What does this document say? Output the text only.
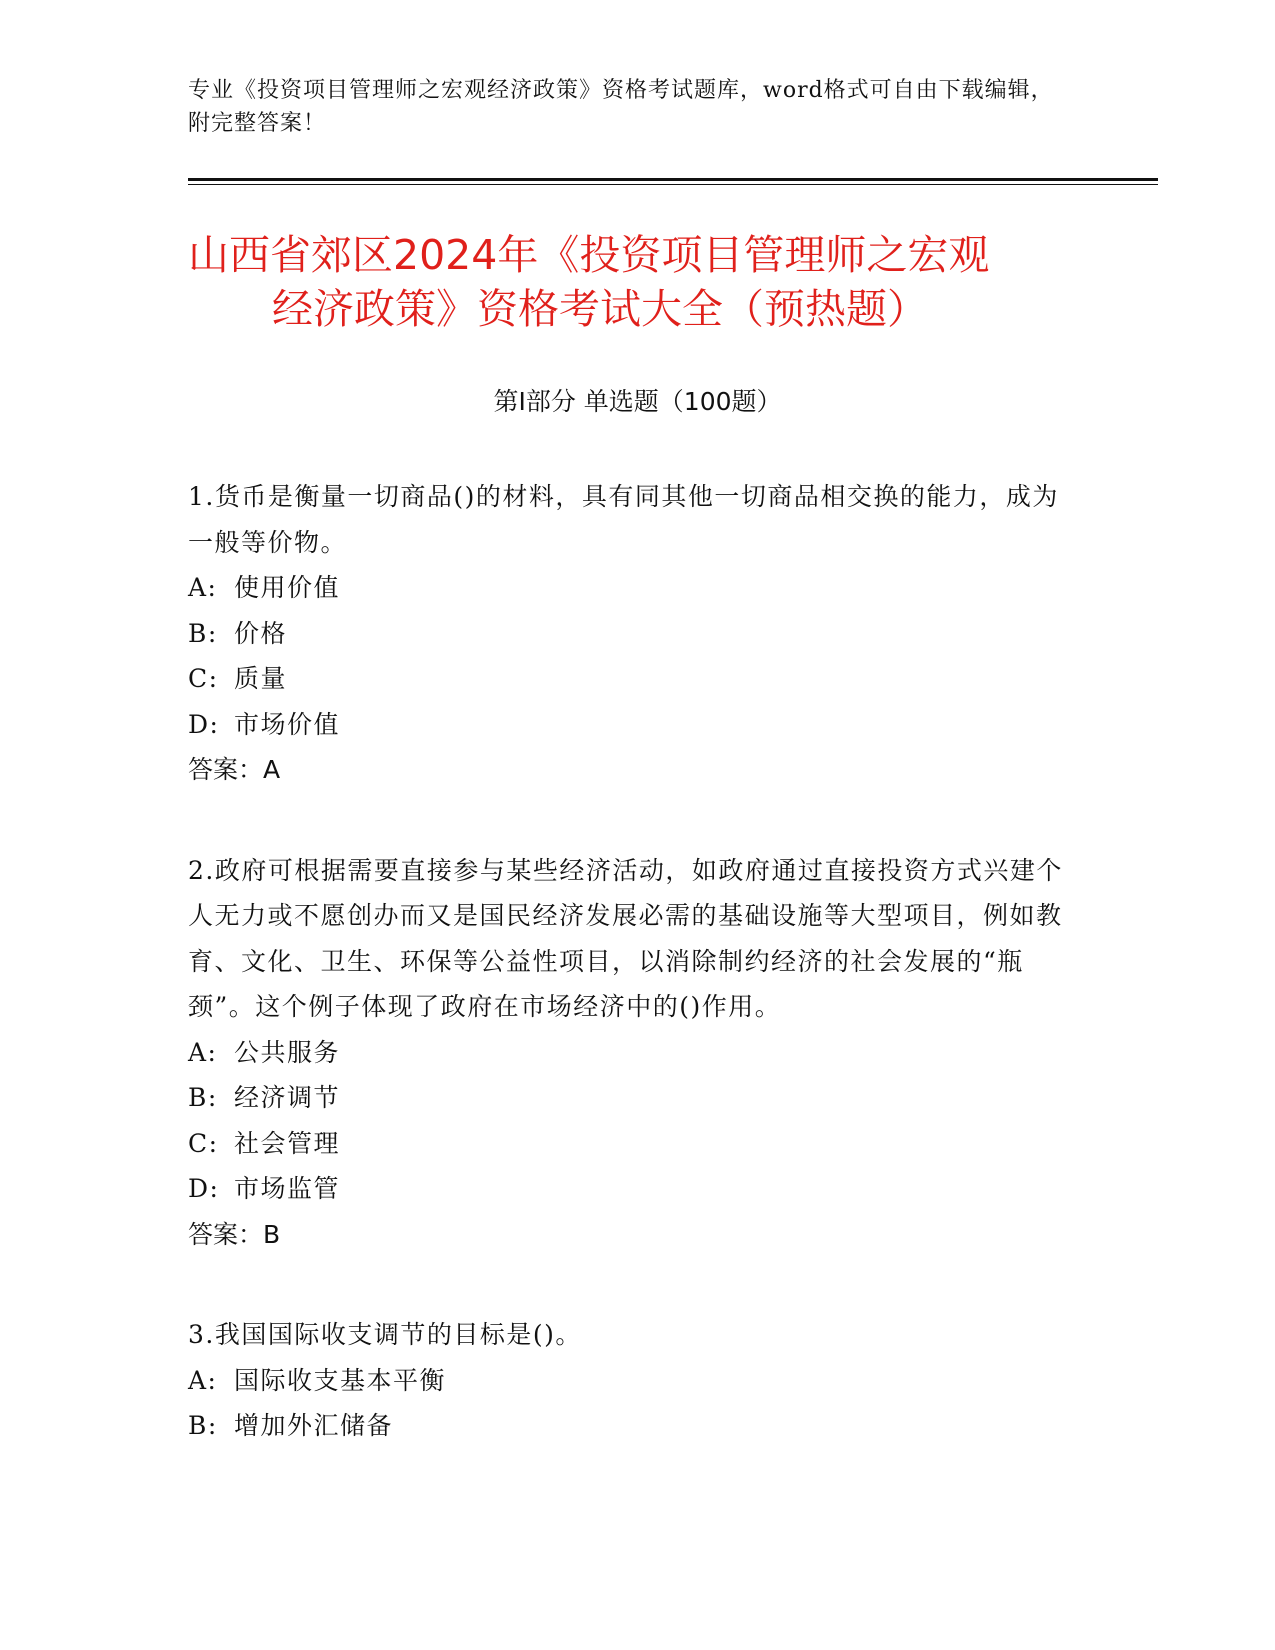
专业《投资项目管理师之宏观经济政策》资格考试题库，word格式可自由下载编辑，附完整答案！
山西省郊区2024年《投资项目管理师之宏观
经济政策》资格考试大全（预热题）
第I部分 单选题（100题）
1.货币是衡量一切商品()的材料，具有同其他一切商品相交换的能力，成为一般等价物。
A: 使用价值
B: 价格
C: 质量
D: 市场价值
答案：A
2.政府可根据需要直接参与某些经济活动，如政府通过直接投资方式兴建个人无力或不愿创办而又是国民经济发展必需的基础设施等大型项目，例如教育、文化、卫生、环保等公益性项目，以消除制约经济的社会发展的“瓶颈”。这个例子体现了政府在市场经济中的()作用。
A: 公共服务
B: 经济调节
C: 社会管理
D: 市场监管
答案：B
3.我国国际收支调节的目标是()。
A: 国际收支基本平衡
B: 增加外汇储备
